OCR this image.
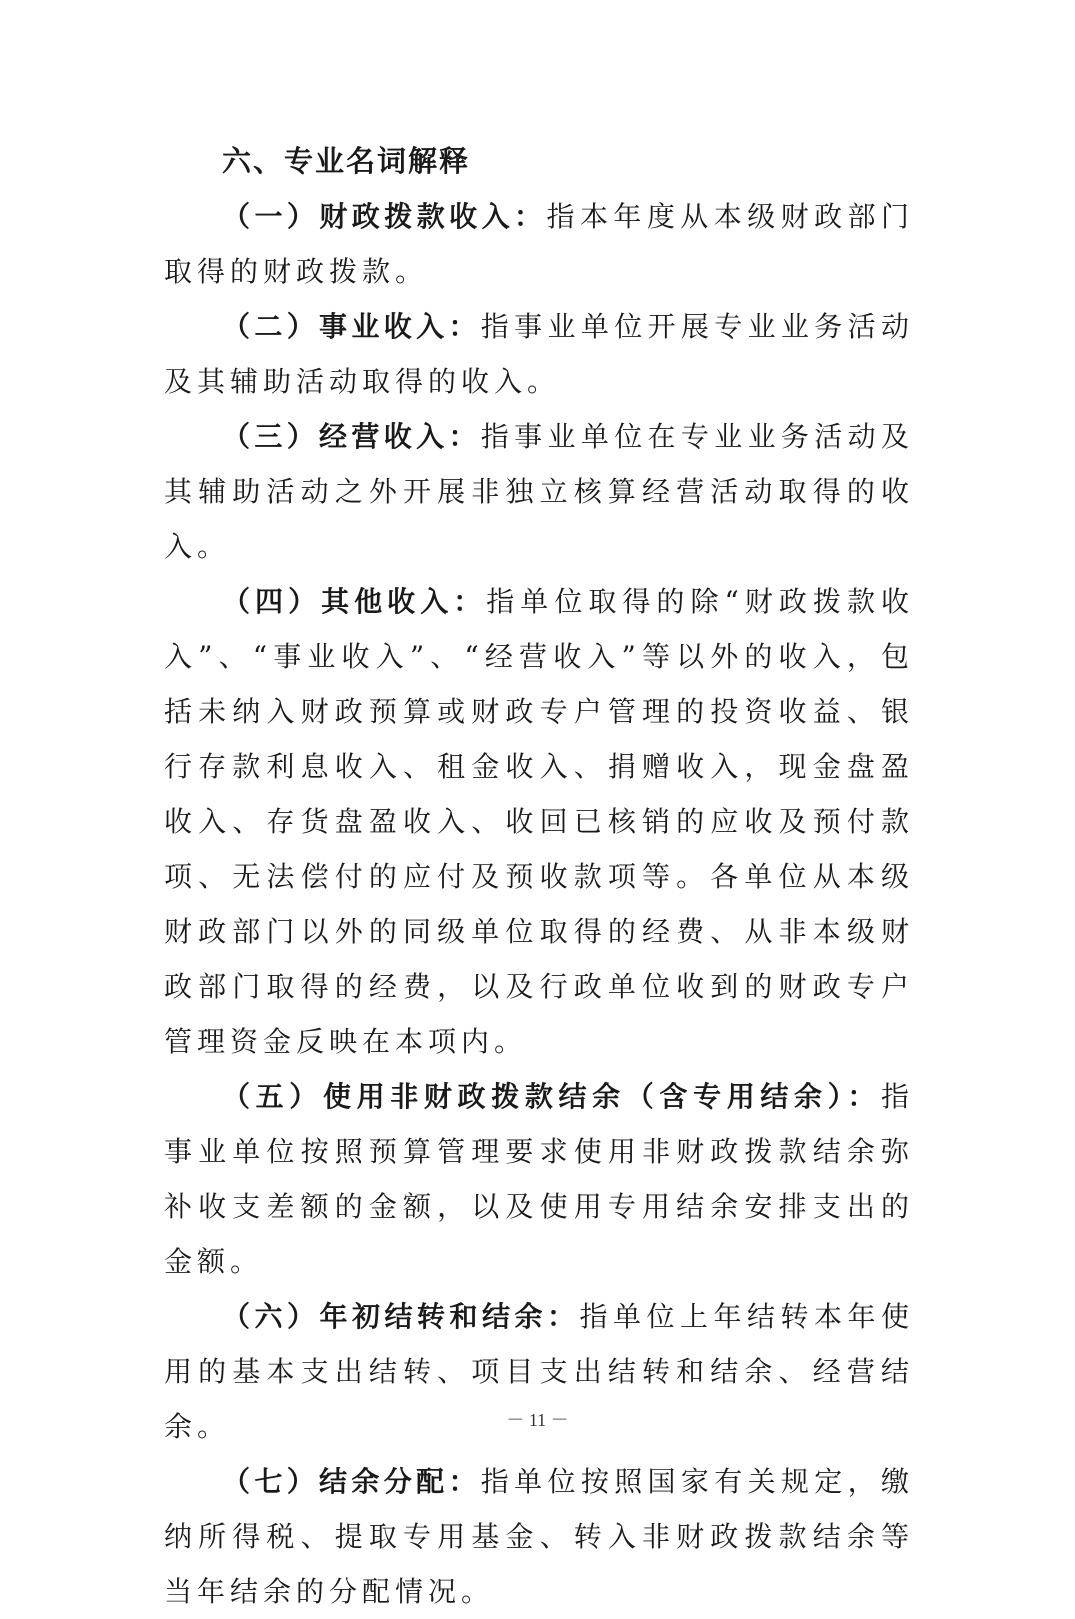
六、专业名词解释

（一）财政拨款收入：指本年度从本级财政部门取得的财政拨款。

（二）事业收入：指事业单位开展专业业务活动及其辅助活动取得的收入。

（三）经营收入：指事业单位在专业业务活动及其辅助活动之外开展非独立核算经营活动取得的收入。

（四）其他收入：指单位取得的除“财政拨款收入”、“事业收入”、“经营收入”等以外的收入，包括未纳入财政预算或财政专户管理的投资收益、银行存款利息收入、租金收入、捐赠收入，现金盘盈收入、存货盘盈收入、收回已核销的应收及预付款项、无法偿付的应付及预收款项等。各单位从本级财政部门以外的同级单位取得的经费、从非本级财政部门取得的经费，以及行政单位收到的财政专户管理资金反映在本项内。

（五）使用非财政拨款结余（含专用结余）：指事业单位按照预算管理要求使用非财政拨款结余弥补收支差额的金额，以及使用专用结余安排支出的金额。

（六）年初结转和结余：指单位上年结转本年使用的基本支出结转、项目支出结转和结余、经营结余。

（七）结余分配：指单位按照国家有关规定，缴纳所得税、提取专用基金、转入非财政拨款结余等当年结余的分配情况。

－ 11 －
